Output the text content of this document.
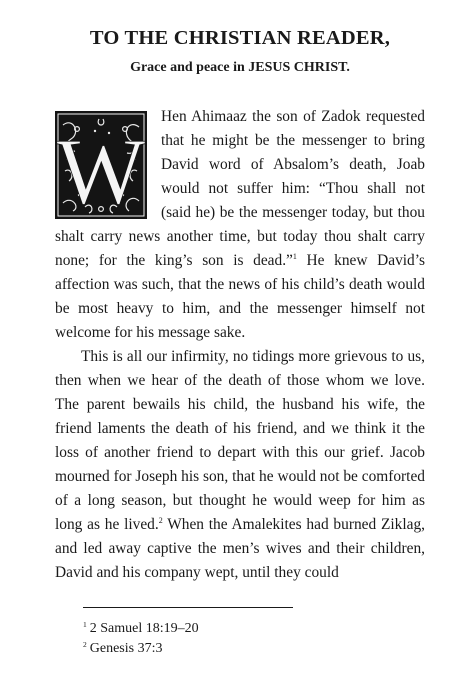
TO THE CHRISTIAN READER,
Grace and peace in JESUS CHRIST.

W
Hen Ahimaaz the son of Zadok requested that he might be the messenger to bring David word of Absalom’s death, Joab would not suffer him: “Thou shall not (said he) be the messenger today, but thou shalt carry news another time, but today thou shalt carry none; for the king’s son is dead.”$^1$ He knew David’s affection was such, that the news of his child’s death would be most heavy to him, and the messenger himself not welcome for his message sake.

This is all our infirmity, no tidings more grievous to us, then when we hear of the death of those whom we love. The parent bewails his child, the husband his wife, the friend laments the death of his friend, and we think it the loss of another friend to depart with this our grief. Jacob mourned for Joseph his son, that he would not be comforted of a long season, but thought he would weep for him as long as he lived.$^2$ When the Amalekites had burned Ziklag, and led away captive the men’s wives and their children, David and his company wept, until they could

$^1$ 2 Samuel 18:19–20
$^2$ Genesis 37:3
